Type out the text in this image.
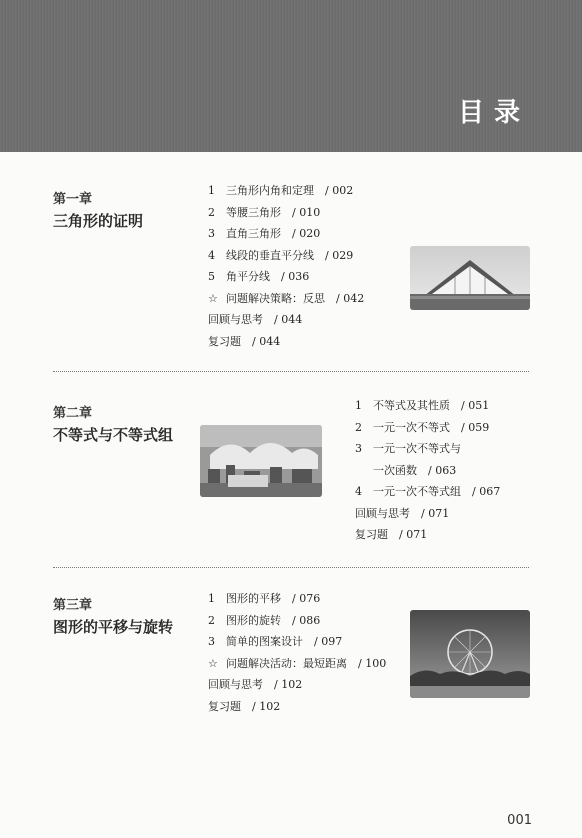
目录
第一章
三角形的证明
1 三角形内角和定理　/ 002
2 等腰三角形　/ 010
3 直角三角形　/ 020
4 线段的垂直平分线　/ 029
5 角平分线　/ 036
☆ 问题解决策略：反思　/ 042
回顾与思考　/ 044
复习题　/ 044
第二章
不等式与不等式组
1 不等式及其性质　/ 051
2 一元一次不等式　/ 059
3 一元一次不等式与
一次函数　/ 063
4 一元一次不等式组　/ 067
回顾与思考　/ 071
复习题　/ 071
第三章
图形的平移与旋转
1 图形的平移　/ 076
2 图形的旋转　/ 086
3 简单的图案设计　/ 097
☆ 问题解决活动：最短距离　/ 100
回顾与思考　/ 102
复习题　/ 102
001
